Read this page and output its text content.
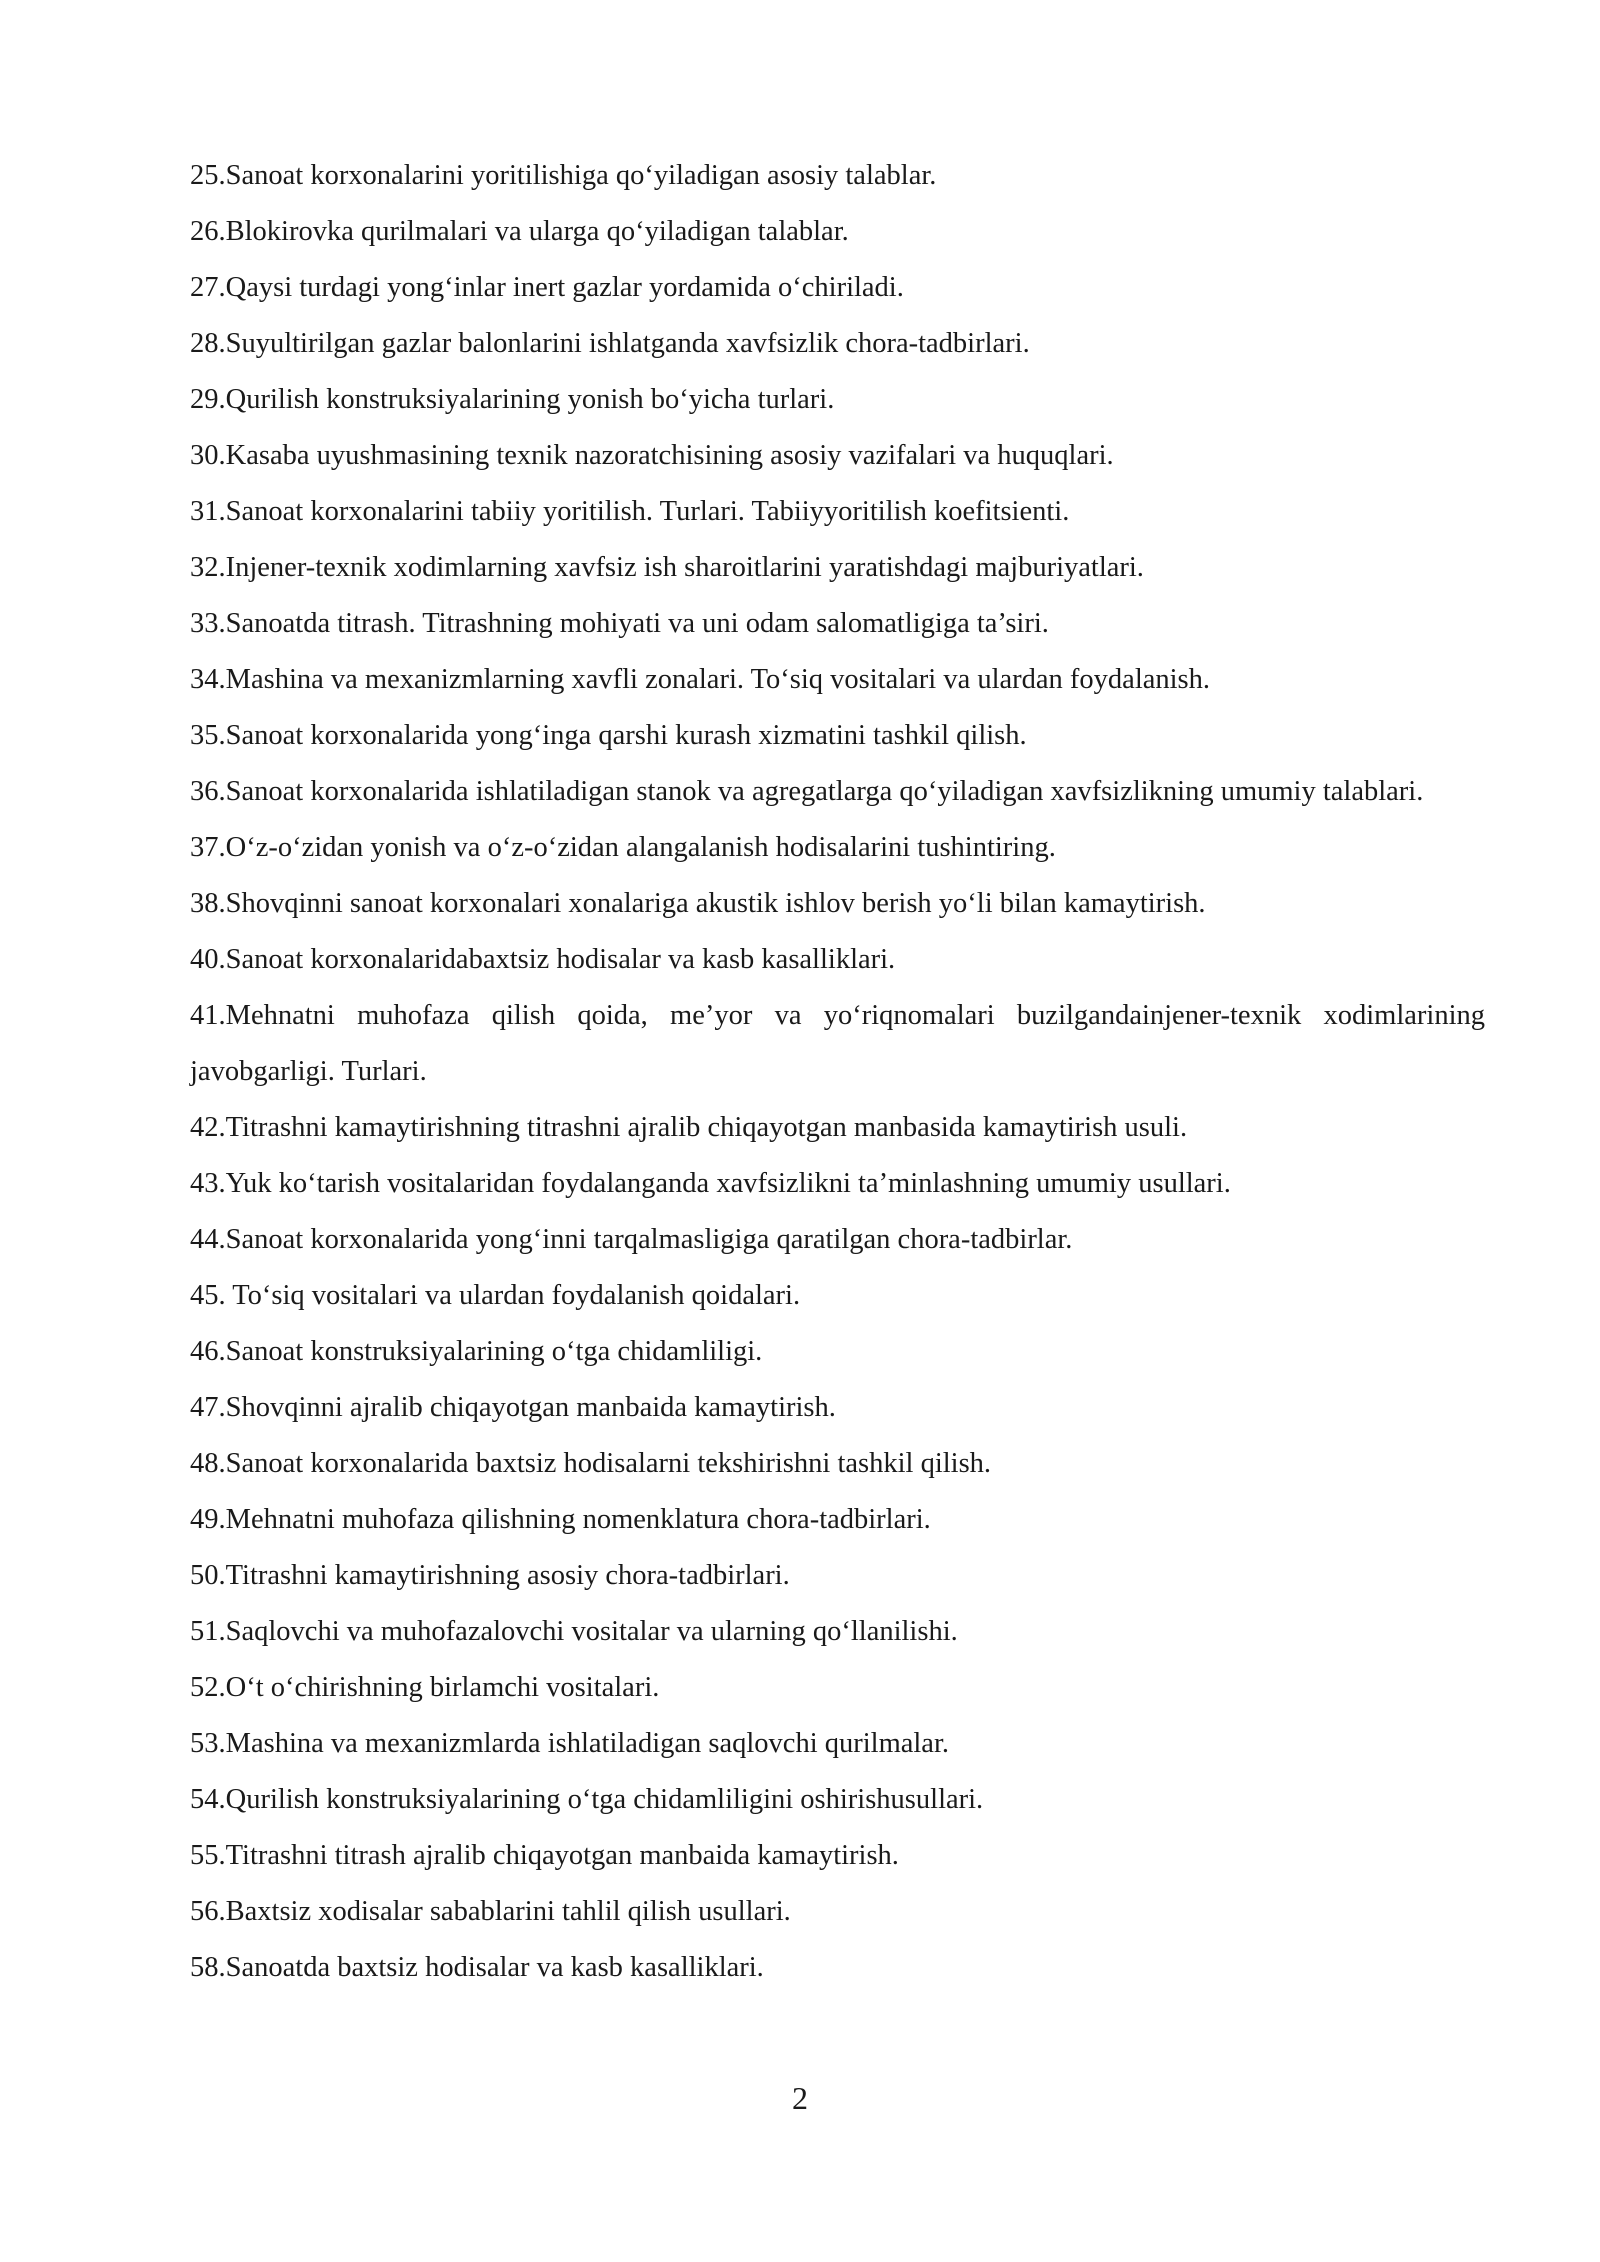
25.Sanoat korxonalarini yoritilishiga qo‘yiladigan asosiy talablar.

26.Blokirovka qurilmalari va ularga qo‘yiladigan talablar.

27.Qaysi turdagi yong‘inlar inert gazlar yordamida o‘chiriladi.

28.Suyultirilgan gazlar balonlarini ishlatganda xavfsizlik chora-tadbirlari.

29.Qurilish konstruksiyalarining yonish bo‘yicha turlari.

30.Kasaba uyushmasining texnik nazoratchisining asosiy vazifalari va huquqlari.

31.Sanoat korxonalarini tabiiy yoritilish. Turlari. Tabiiyyoritilish koefitsienti.

32.Injener-texnik xodimlarning xavfsiz ish sharoitlarini yaratishdagi majburiyatlari.

33.Sanoatda titrash. Titrashning mohiyati va uni odam salomatligiga ta’siri.

34.Mashina va mexanizmlarning xavfli zonalari. To‘siq vositalari va ulardan foydalanish.

35.Sanoat korxonalarida yong‘inga qarshi kurash xizmatini tashkil qilish.

36.Sanoat korxonalarida ishlatiladigan stanok va agregatlarga qo‘yiladigan xavfsizlikning umumiy talablari.

37.O‘z-o‘zidan yonish va o‘z-o‘zidan alangalanish hodisalarini tushintiring.

38.Shovqinni sanoat korxonalari xonalariga akustik ishlov berish yo‘li bilan kamaytirish.

40.Sanoat korxonalaridabaxtsiz hodisalar va kasb kasalliklari.

41.Mehnatni muhofaza qilish qoida, me’yor va yo‘riqnomalari buzilgandainjener-texnik xodimlarining javobgarligi. Turlari.

42.Titrashni kamaytirishning titrashni ajralib chiqayotgan manbasida kamaytirish usuli.

43.Yuk ko‘tarish vositalaridan foydalanganda xavfsizlikni ta’minlashning umumiy usullari.

44.Sanoat korxonalarida yong‘inni tarqalmasligiga qaratilgan chora-tadbirlar.

45. To‘siq vositalari va ulardan foydalanish qoidalari.

46.Sanoat konstruksiyalarining o‘tga chidamliligi.

47.Shovqinni ajralib chiqayotgan manbaida kamaytirish.

48.Sanoat korxonalarida baxtsiz hodisalarni tekshirishni tashkil qilish.

49.Mehnatni muhofaza qilishning nomenklatura chora-tadbirlari.

50.Titrashni kamaytirishning asosiy chora-tadbirlari.

51.Saqlovchi va muhofazalovchi vositalar va ularning qo‘llanilishi.

52.O‘t o‘chirishning birlamchi vositalari.

53.Mashina va mexanizmlarda ishlatiladigan saqlovchi qurilmalar.

54.Qurilish konstruksiyalarining o‘tga chidamliligini oshirishusullari.

55.Titrashni titrash ajralib chiqayotgan manbaida kamaytirish.

56.Baxtsiz xodisalar sabablarini tahlil qilish usullari.

58.Sanoatda baxtsiz hodisalar va kasb kasalliklari.

2
